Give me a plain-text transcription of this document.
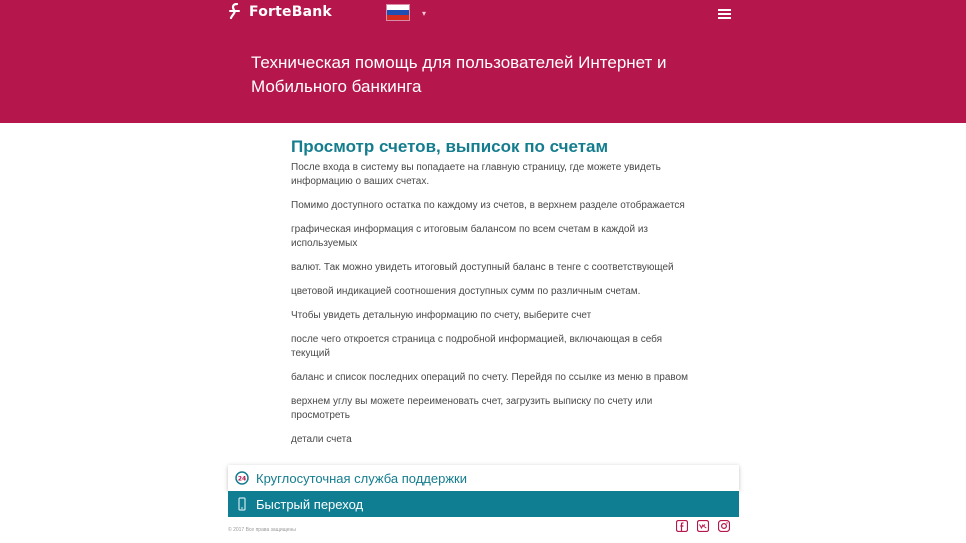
ForteBank	▾
Техническая помощь для пользователей Интернет и Мобильного банкинга
Просмотр счетов, выписок по счетам

После входа в систему вы попадаете на главную страницу, где можете увидеть информацию о ваших счетах.

Помимо доступного остатка по каждому из счетов, в верхнем разделе отображается

графическая информация с итоговым балансом по всем счетам в каждой из используемых

валют. Так можно увидеть итоговый доступный баланс в тенге с соответствующей

цветовой индикацией соотношения доступных сумм по различным счетам.

Чтобы увидеть детальную информацию по счету, выберите счет

после чего откроется страница с подробной информацией, включающая в себя текущий

баланс и список последних операций по счету. Перейдя по ссылке из меню в правом

верхнем углу вы можете переименовать счет, загрузить выписку по счету или просмотреть

детали счета

24 Круглосуточная служба поддержки
Быстрый переход
© 2017 Все права защищены
